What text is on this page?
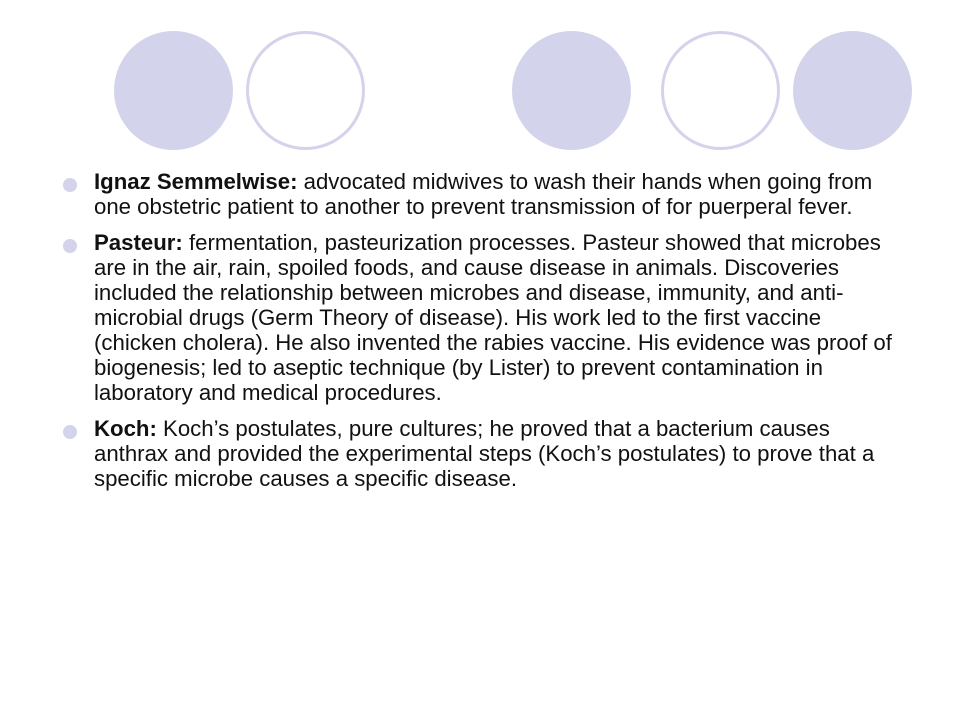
Ignaz Semmelwise: advocated midwives to wash their hands when going from one obstetric patient to another to prevent transmission of for puerperal fever.
Pasteur: fermentation, pasteurization processes. Pasteur showed that microbes are in the air, rain, spoiled foods, and cause disease in animals. Discoveries included the relationship between microbes and disease, immunity, and anti-microbial drugs (Germ Theory of disease). His work led to the first vaccine (chicken cholera). He also invented the rabies vaccine. His evidence was proof of biogenesis; led to aseptic technique (by Lister) to prevent contamination in laboratory and medical procedures.
Koch: Koch’s postulates, pure cultures; he proved that a bacterium causes anthrax and provided the experimental steps (Koch’s postulates) to prove that a specific microbe causes a specific disease.
